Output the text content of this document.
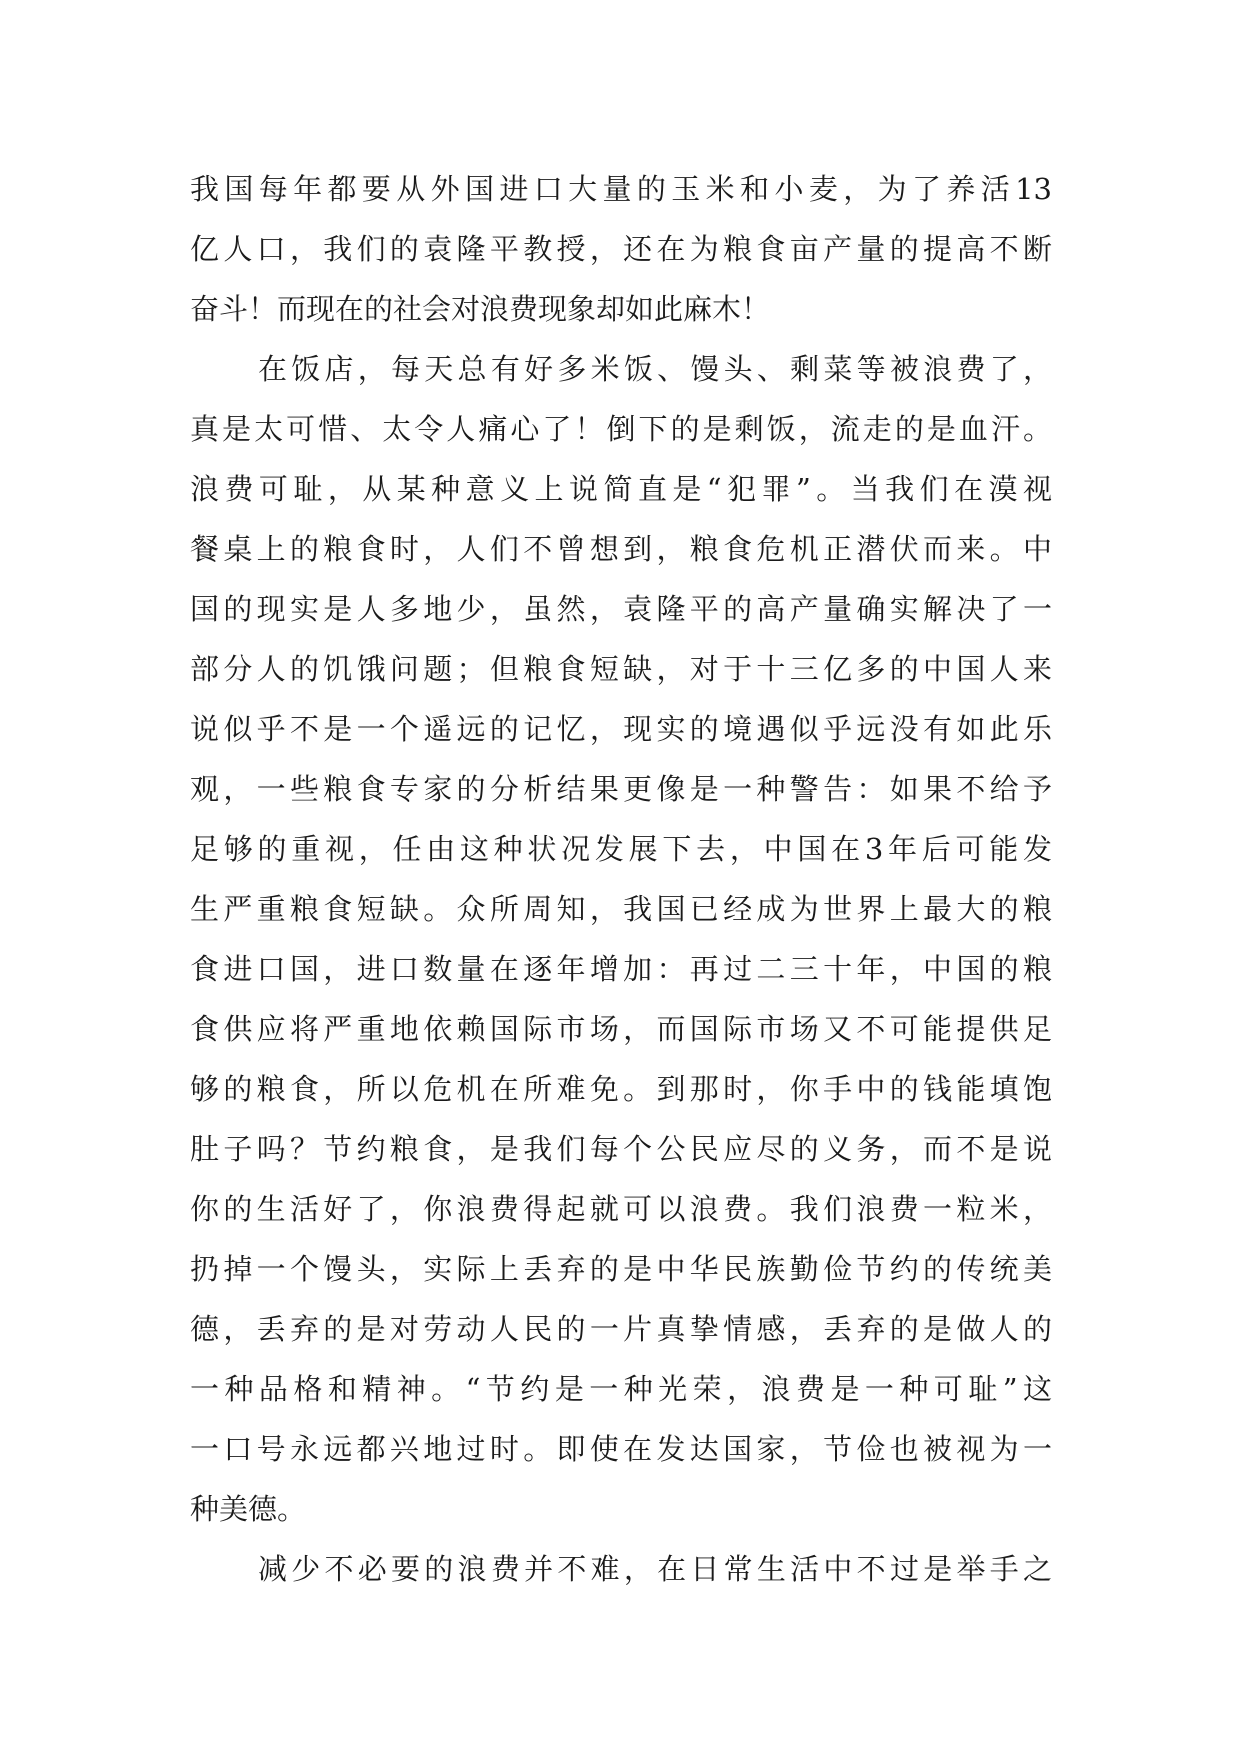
我国每年都要从外国进口大量的玉米和小麦，为了养活13
亿人口，我们的袁隆平教授，还在为粮食亩产量的提高不断
奋斗！而现在的社会对浪费现象却如此麻木！
在饭店，每天总有好多米饭、馒头、剩菜等被浪费了，
真是太可惜、太令人痛心了！倒下的是剩饭，流走的是血汗。
浪费可耻，从某种意义上说简直是“犯罪”。当我们在漠视
餐桌上的粮食时，人们不曾想到，粮食危机正潜伏而来。中
国的现实是人多地少，虽然，袁隆平的高产量确实解决了一
部分人的饥饿问题；但粮食短缺，对于十三亿多的中国人来
说似乎不是一个遥远的记忆，现实的境遇似乎远没有如此乐
观，一些粮食专家的分析结果更像是一种警告：如果不给予
足够的重视，任由这种状况发展下去，中国在3年后可能发
生严重粮食短缺。众所周知，我国已经成为世界上最大的粮
食进口国，进口数量在逐年增加：再过二三十年，中国的粮
食供应将严重地依赖国际市场，而国际市场又不可能提供足
够的粮食，所以危机在所难免。到那时，你手中的钱能填饱
肚子吗？节约粮食，是我们每个公民应尽的义务，而不是说
你的生活好了，你浪费得起就可以浪费。我们浪费一粒米，
扔掉一个馒头，实际上丢弃的是中华民族勤俭节约的传统美
德，丢弃的是对劳动人民的一片真挚情感，丢弃的是做人的
一种品格和精神。“节约是一种光荣，浪费是一种可耻”这
一口号永远都兴地过时。即使在发达国家，节俭也被视为一
种美德。
减少不必要的浪费并不难，在日常生活中不过是举手之
